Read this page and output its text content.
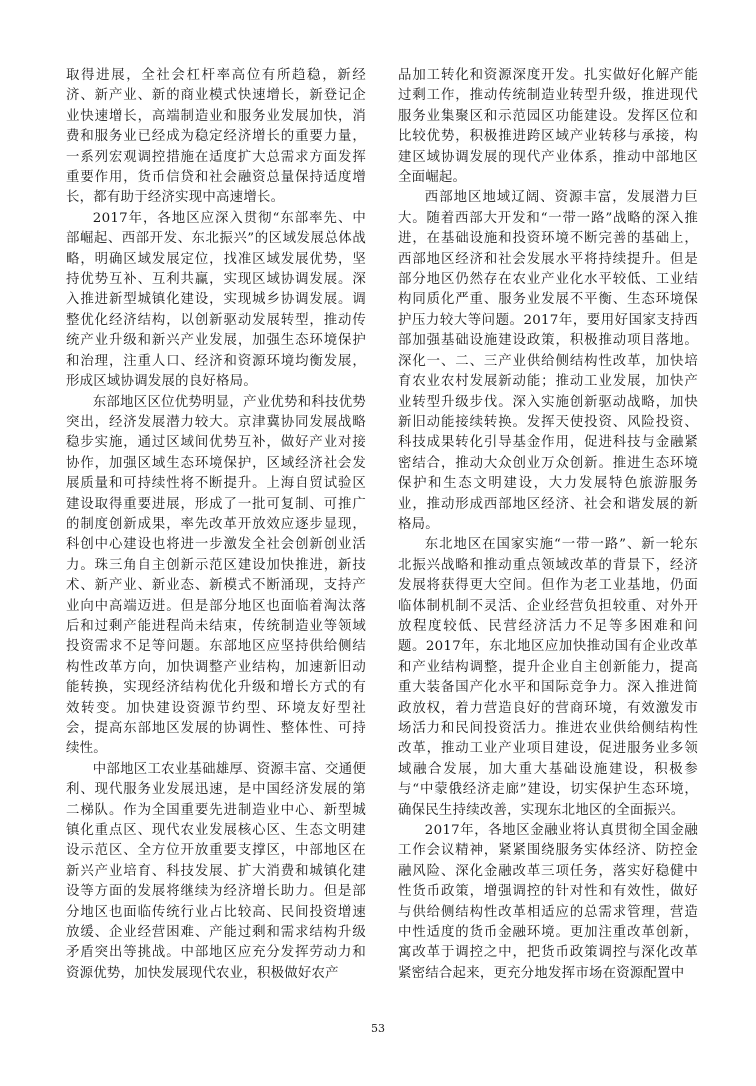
取得进展，全社会杠杆率高位有所趋稳，新经济、新产业、新的商业模式快速增长，新登记企业快速增长，高端制造业和服务业发展加快，消费和服务业已经成为稳定经济增长的重要力量，一系列宏观调控措施在适度扩大总需求方面发挥重要作用，货币信贷和社会融资总量保持适度增长，都有助于经济实现中高速增长。

2017年，各地区应深入贯彻“东部率先、中部崛起、西部开发、东北振兴”的区域发展总体战略，明确区域发展定位，找准区域发展优势，坚持优势互补、互利共赢，实现区域协调发展。深入推进新型城镇化建设，实现城乡协调发展。调整优化经济结构，以创新驱动发展转型，推动传统产业升级和新兴产业发展，加强生态环境保护和治理，注重人口、经济和资源环境均衡发展，形成区域协调发展的良好格局。

东部地区区位优势明显，产业优势和科技优势突出，经济发展潜力较大。京津冀协同发展战略稳步实施，通过区域间优势互补，做好产业对接协作，加强区域生态环境保护，区域经济社会发展质量和可持续性将不断提升。上海自贸试验区建设取得重要进展，形成了一批可复制、可推广的制度创新成果，率先改革开放效应逐步显现，科创中心建设也将进一步激发全社会创新创业活力。珠三角自主创新示范区建设加快推进，新技术、新产业、新业态、新模式不断涌现，支持产业向中高端迈进。但是部分地区也面临着淘汰落后和过剩产能进程尚未结束，传统制造业等领域投资需求不足等问题。东部地区应坚持供给侧结构性改革方向，加快调整产业结构，加速新旧动能转换，实现经济结构优化升级和增长方式的有效转变。加快建设资源节约型、环境友好型社会，提高东部地区发展的协调性、整体性、可持续性。

中部地区工农业基础雄厚、资源丰富、交通便利、现代服务业发展迅速，是中国经济发展的第二梯队。作为全国重要先进制造业中心、新型城镇化重点区、现代农业发展核心区、生态文明建设示范区、全方位开放重要支撑区，中部地区在新兴产业培育、科技发展、扩大消费和城镇化建设等方面的发展将继续为经济增长助力。但是部分地区也面临传统行业占比较高、民间投资增速放缓、企业经营困难、产能过剩和需求结构升级矛盾突出等挑战。中部地区应充分发挥劳动力和资源优势，加快发展现代农业，积极做好农产

品加工转化和资源深度开发。扎实做好化解产能过剩工作，推动传统制造业转型升级，推进现代服务业集聚区和示范园区功能建设。发挥区位和比较优势，积极推进跨区域产业转移与承接，构建区域协调发展的现代产业体系，推动中部地区全面崛起。

西部地区地域辽阔、资源丰富，发展潜力巨大。随着西部大开发和“一带一路”战略的深入推进，在基础设施和投资环境不断完善的基础上，西部地区经济和社会发展水平将持续提升。但是部分地区仍然存在农业产业化水平较低、工业结构同质化严重、服务业发展不平衡、生态环境保护压力较大等问题。2017年，要用好国家支持西部加强基础设施建设政策，积极推动项目落地。深化一、二、三产业供给侧结构性改革，加快培育农业农村发展新动能；推动工业发展，加快产业转型升级步伐。深入实施创新驱动战略，加快新旧动能接续转换。发挥天使投资、风险投资、科技成果转化引导基金作用，促进科技与金融紧密结合，推动大众创业万众创新。推进生态环境保护和生态文明建设，大力发展特色旅游服务业，推动形成西部地区经济、社会和谐发展的新格局。

东北地区在国家实施“一带一路”、新一轮东北振兴战略和推动重点领域改革的背景下，经济发展将获得更大空间。但作为老工业基地，仍面临体制机制不灵活、企业经营负担较重、对外开放程度较低、民营经济活力不足等多困难和问题。2017年，东北地区应加快推动国有企业改革和产业结构调整，提升企业自主创新能力，提高重大装备国产化水平和国际竞争力。深入推进简政放权，着力营造良好的营商环境，有效激发市场活力和民间投资活力。推进农业供给侧结构性改革，推动工业产业项目建设，促进服务业多领域融合发展，加大重大基础设施建设，积极参与“中蒙俄经济走廊”建设，切实保护生态环境，确保民生持续改善，实现东北地区的全面振兴。

2017年，各地区金融业将认真贯彻全国金融工作会议精神，紧紧围绕服务实体经济、防控金融风险、深化金融改革三项任务，落实好稳健中性货币政策，增强调控的针对性和有效性，做好与供给侧结构性改革相适应的总需求管理，营造中性适度的货币金融环境。更加注重改革创新，寓改革于调控之中，把货币政策调控与深化改革紧密结合起来，更充分地发挥市场在资源配置中

53
